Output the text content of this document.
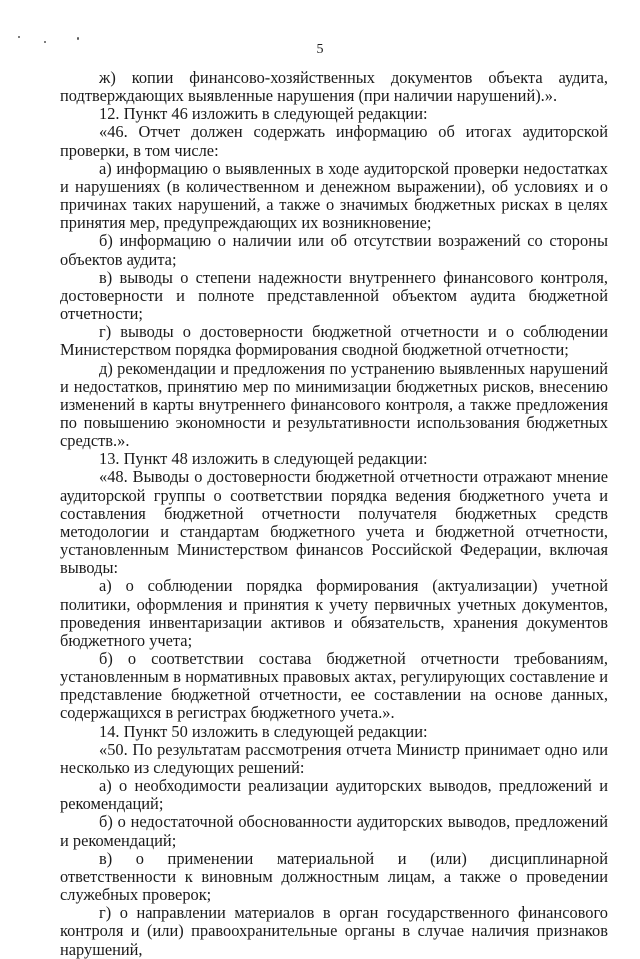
5

ж) копии финансово-хозяйственных документов объекта аудита, подтверждающих выявленные нарушения (при наличии нарушений).».

12. Пункт 46 изложить в следующей редакции:

«46. Отчет должен содержать информацию об итогах аудиторской проверки, в том числе:

а) информацию о выявленных в ходе аудиторской проверки недостатках и нарушениях (в количественном и денежном выражении), об условиях и о причинах таких нарушений, а также о значимых бюджетных рисках в целях принятия мер, предупреждающих их возникновение;

б) информацию о наличии или об отсутствии возражений со стороны объектов аудита;

в) выводы о степени надежности внутреннего финансового контроля, достоверности и полноте представленной объектом аудита бюджетной отчетности;

г) выводы о достоверности бюджетной отчетности и о соблюдении Министерством порядка формирования сводной бюджетной отчетности;

д) рекомендации и предложения по устранению выявленных нарушений и недостатков, принятию мер по минимизации бюджетных рисков, внесению изменений в карты внутреннего финансового контроля, а также предложения по повышению экономности и результативности использования бюджетных средств.».

13. Пункт 48 изложить в следующей редакции:

«48. Выводы о достоверности бюджетной отчетности отражают мнение аудиторской группы о соответствии порядка ведения бюджетного учета и составления бюджетной отчетности получателя бюджетных средств методологии и стандартам бюджетного учета и бюджетной отчетности, установленным Министерством финансов Российской Федерации, включая выводы:

а) о соблюдении порядка формирования (актуализации) учетной политики, оформления и принятия к учету первичных учетных документов, проведения инвентаризации активов и обязательств, хранения документов бюджетного учета;

б) о соответствии состава бюджетной отчетности требованиям, установленным в нормативных правовых актах, регулирующих составление и представление бюджетной отчетности, ее составлении на основе данных, содержащихся в регистрах бюджетного учета.».

14. Пункт 50 изложить в следующей редакции:

«50. По результатам рассмотрения отчета Министр принимает одно или несколько из следующих решений:

а) о необходимости реализации аудиторских выводов, предложений и рекомендаций;

б) о недостаточной обоснованности аудиторских выводов, предложений и рекомендаций;

в) о применении материальной и (или) дисциплинарной ответственности к виновным должностным лицам, а также о проведении служебных проверок;

г) о направлении материалов в орган государственного финансового контроля и (или) правоохранительные органы в случае наличия признаков нарушений,
